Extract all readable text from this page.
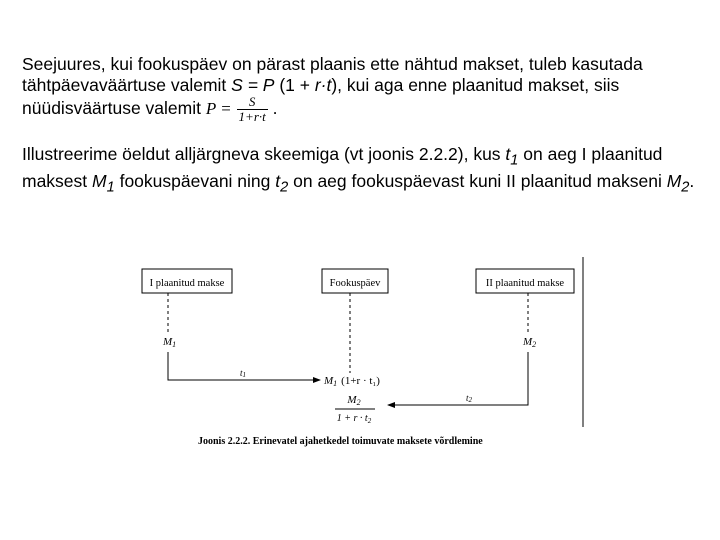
Seejuures, kui fookuspäev on pärast plaanis ette nähtud makset, tuleb kasutada tähtpäevaväärtuse valemit S = P (1 + r·t), kui aga enne plaanitud makset, siis nüüdisväärtuse valemit $P = \frac{S}{1+r\cdot t}$ .

Illustreerime öeldut alljärgneva skeemiga (vt joonis 2.2.2), kus $t_1$ on aeg I plaanitud maksest $M_1$ fookuspäevani ning $t_2$ on aeg fookuspäevast kuni II plaanitud makseni $M_2$.

I plaanitud makse	Fookuspäev	II plaanitud makse
M1	M2
t1	M1 (1+r · t₁)
t2
M2
$1 + r \cdot t_2$
Joonis 2.2.2. Erinevatel ajahetkedel toimuvate maksete võrdlemine
